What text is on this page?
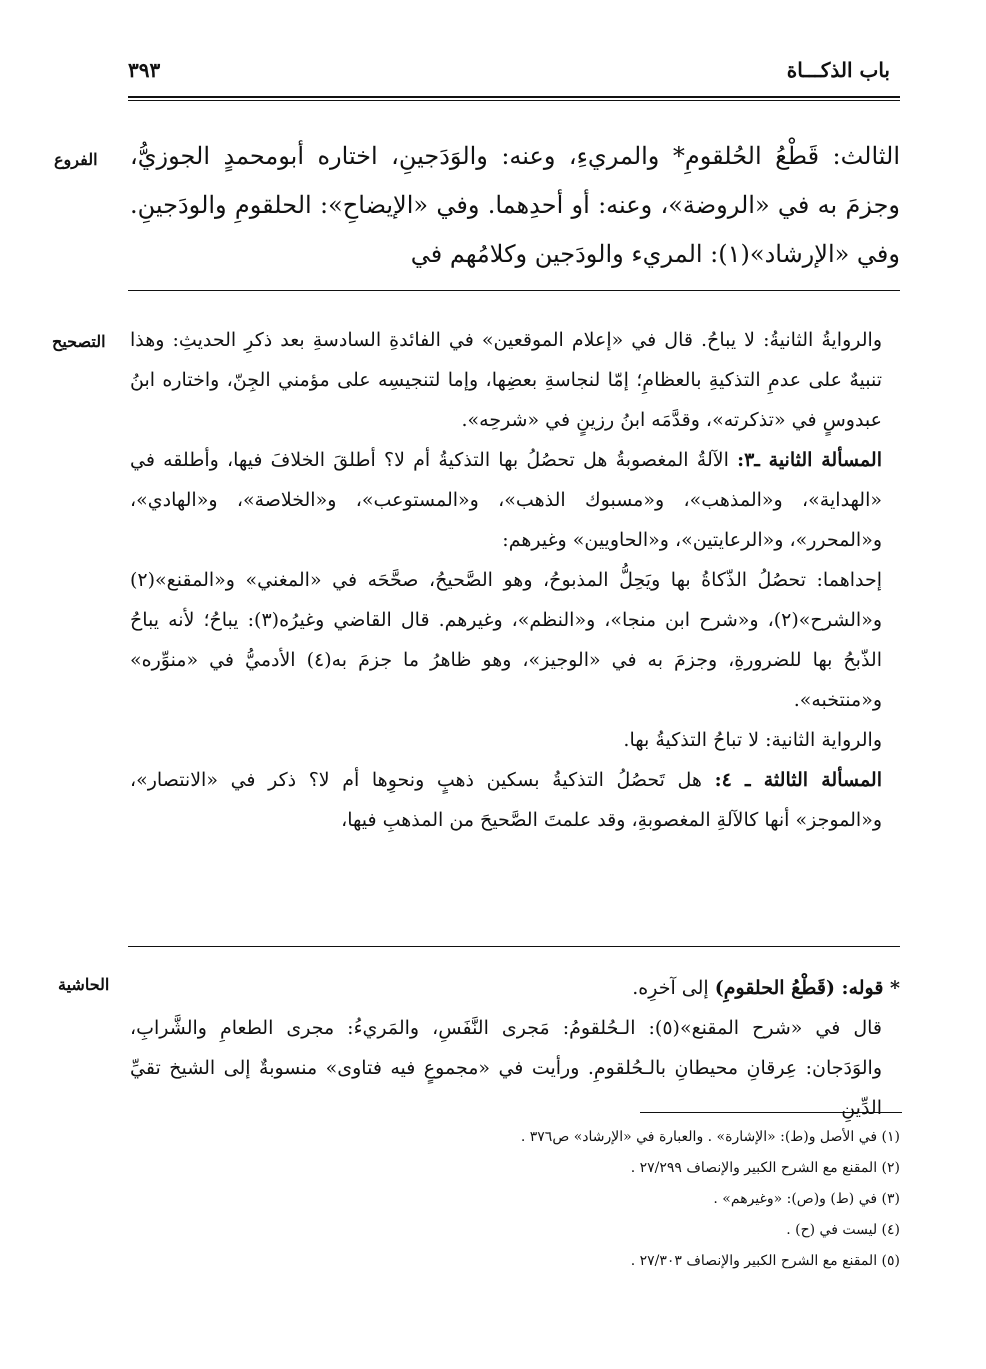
باب الذكـــاة
٣٩٣
الفروع
التصحيح
الحاشية

الثالث: قَطْعُ الحُلقومِ* والمريءِ، وعنه: والوَدَجينِ، اختاره أبومحمدٍ الجوزيُّ، وجزمَ به في «الروضة»، وعنه: أو أحدِهما. وفي «الإيضاحِ»: الحلقومِ والودَجينِ. وفي «الإرشاد»(١): المريء والودَجين وكلامُهم في

والروايةُ الثانيةُ: لا يباحُ. قال في «إعلام الموقعين» في الفائدةِ السادسةِ بعد ذكرِ الحديثِ: وهذا تنبيهٌ على عدمِ التذكيةِ بالعظامِ؛ إمّا لنجاسةِ بعضِها، وإما لتنجيسِه على مؤمني الجِنّ، واختاره ابنُ عبدوسٍ في «تذكرته»، وقدَّمَه ابنُ رزينٍ في «شرحِه».

المسألة الثانية ـ٣: الآلةُ المغصوبةُ هل تحصُلُ بها التذكيةُ أم لا؟ أطلقَ الخلافَ فيها، وأطلقه في «الهداية»، و«المذهب»، و«مسبوك الذهب»، و«المستوعب»، و«الخلاصة»، و«الهادي»، و«المحرر»، و«الرعايتين»، و«الحاويين» وغيرهم:

إحداهما: تحصُلُ الذّكاةُ بها ويَحِلُّ المذبوحُ، وهو الصَّحيحُ، صحَّحَه في «المغني» و«المقنع»(٢) و«الشرح»(٢)، و«شرح ابن منجا»، و«النظم»، وغيرهم. قال القاضي وغيرُه(٣): يباحُ؛ لأنه يباحُ الذّبحُ بها للضرورةِ، وجزمَ به في «الوجيز»، وهو ظاهرُ ما جزمَ به(٤) الأدميُّ في «منوِّره» و«منتخبه».

والرواية الثانية: لا تباحُ التذكيةُ بها.

المسألة الثالثة ـ ٤: هل تَحصُلُ التذكيةُ بسكين ذهبٍ ونحوِها أم لا؟ ذكر في «الانتصار»، و«الموجز» أنها كالآلةِ المغصوبةِ، وقد علمتَ الصَّحيحَ من المذهبِ فيها،

* قوله: (قَطْعُ الحلقومِ) إلى آخرِه.

قال في «شرح المقنع»(٥): الـحُلقومُ: مَجرى النَّفَسِ، والمَريءُ: مجرى الطعامِ والشَّرابِ، والوَدَجان: عِرقانِ محيطانِ بالـحُلقومِ. ورأيت في «مجموعٍ فيه فتاوى» منسوبةٌ إلى الشيخ تقيِّ الدِّينِ

(١) في الأصل و(ط): «الإشارة» . والعبارة في «الإرشاد» ص٣٧٦ .

(٢) المقنع مع الشرح الكبير والإنصاف ٢٧/٢٩٩ .

(٣) في (ط) و(ص): «وغيرهم» .

(٤) ليست في (ح) .

(٥) المقنع مع الشرح الكبير والإنصاف ٢٧/٣٠٣ .
